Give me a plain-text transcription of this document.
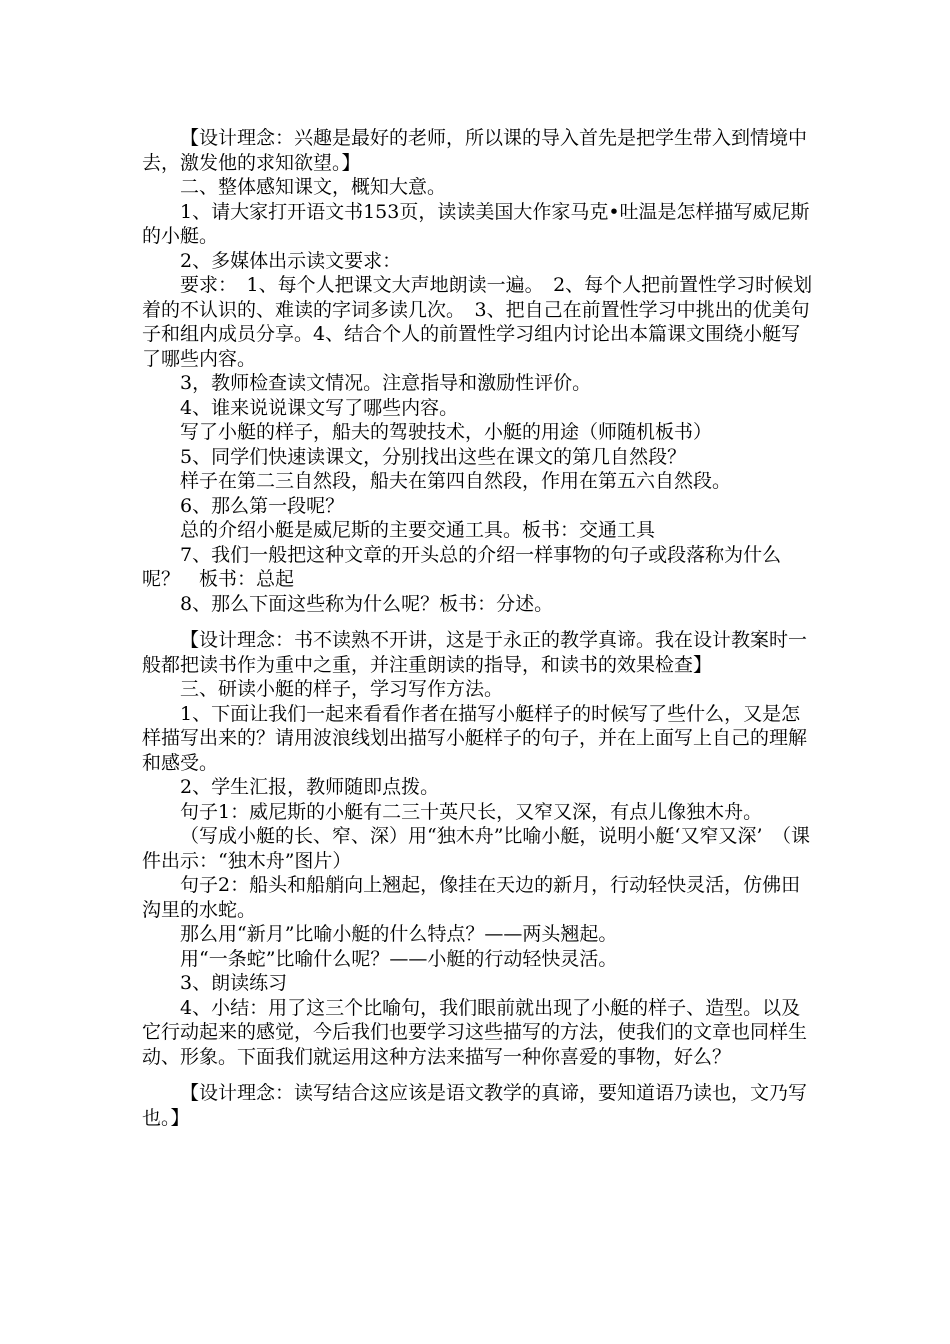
【设计理念：兴趣是最好的老师，所以课的导入首先是把学生带入到情境中去，激发他的求知欲望。】

二、整体感知课文，概知大意。

1、请大家打开语文书153页，读读美国大作家马克•吐温是怎样描写威尼斯的小艇。

2、多媒体出示读文要求：

要求：　1、每个人把课文大声地朗读一遍。　2、每个人把前置性学习时候划着的不认识的、难读的字词多读几次。　3、把自己在前置性学习中挑出的优美句子和组内成员分享。4、结合个人的前置性学习组内讨论出本篇课文围绕小艇写了哪些内容。

3，教师检查读文情况。注意指导和激励性评价。

4、谁来说说课文写了哪些内容。

写了小艇的样子，船夫的驾驶技术，小艇的用途（师随机板书）

5、同学们快速读课文，分别找出这些在课文的第几自然段？

样子在第二三自然段，船夫在第四自然段，作用在第五六自然段。

6、那么第一段呢？

总的介绍小艇是威尼斯的主要交通工具。板书：交通工具

7、我们一般把这种文章的开头总的介绍一样事物的句子或段落称为什么呢？　板书：总起

8、那么下面这些称为什么呢？板书：分述。

【设计理念：书不读熟不开讲，这是于永正的教学真谛。我在设计教案时一般都把读书作为重中之重，并注重朗读的指导，和读书的效果检查】

三、研读小艇的样子，学习写作方法。

1、下面让我们一起来看看作者在描写小艇样子的时候写了些什么，又是怎样描写出来的？请用波浪线划出描写小艇样子的句子，并在上面写上自己的理解和感受。

2、学生汇报，教师随即点拨。

句子1：威尼斯的小艇有二三十英尺长，又窄又深，有点儿像独木舟。

（写成小艇的长、窄、深）用“独木舟”比喻小艇，说明小艇‘又窄又深’　（课件出示：“独木舟”图片）

句子2：船头和船艄向上翘起，像挂在天边的新月，行动轻快灵活，仿佛田沟里的水蛇。

那么用“新月”比喻小艇的什么特点？——两头翘起。

用“一条蛇”比喻什么呢？——小艇的行动轻快灵活。

3、朗读练习

4、小结：用了这三个比喻句，我们眼前就出现了小艇的样子、造型。以及它行动起来的感觉，今后我们也要学习这些描写的方法，使我们的文章也同样生动、形象。下面我们就运用这种方法来描写一种你喜爱的事物，好么？

【设计理念：读写结合这应该是语文教学的真谛，要知道语乃读也，文乃写也。】
